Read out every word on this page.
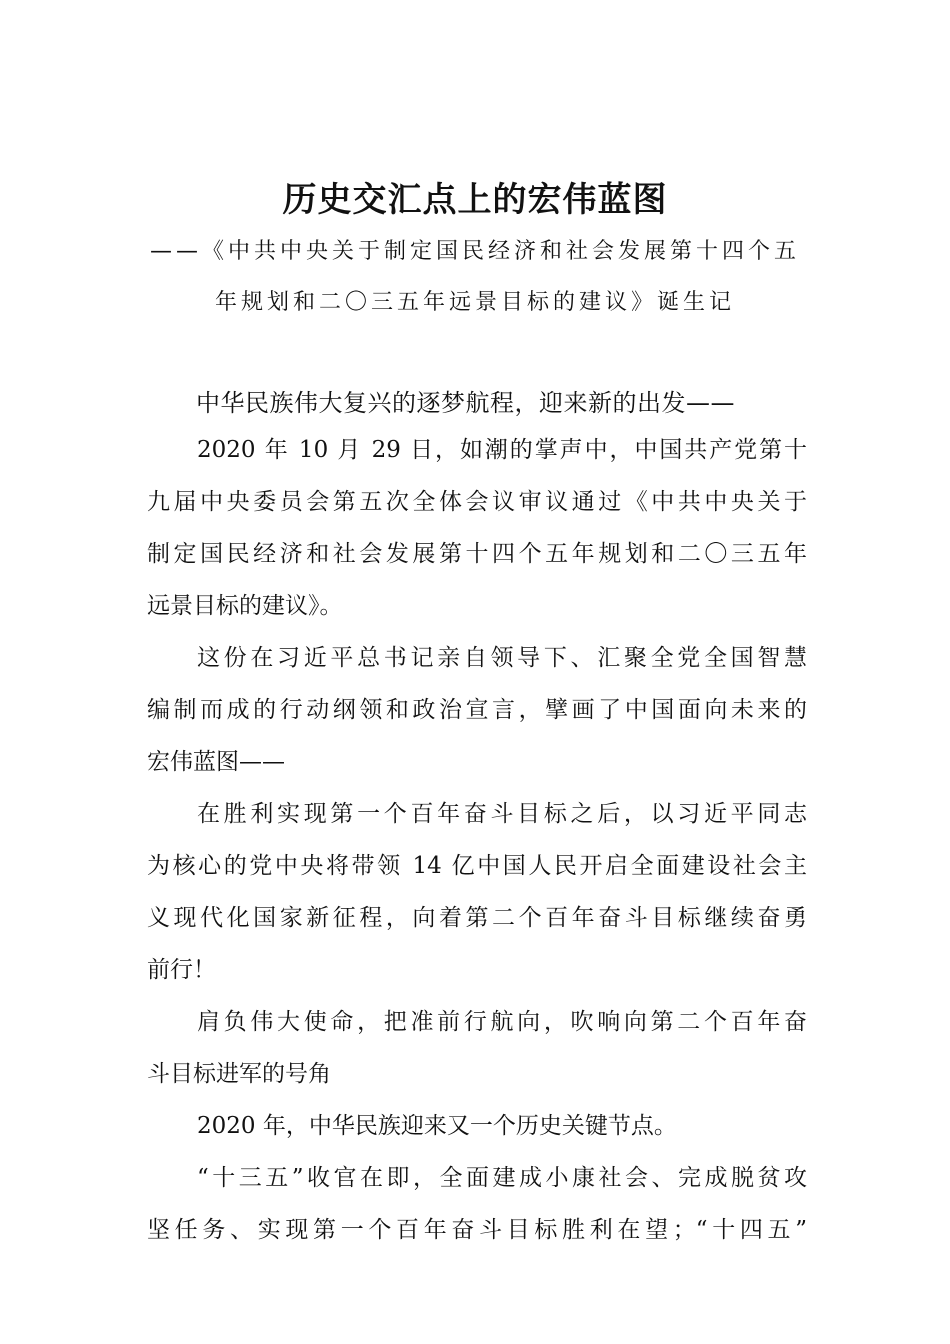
历史交汇点上的宏伟蓝图
——《中共中央关于制定国民经济和社会发展第十四个五
年规划和二〇三五年远景目标的建议》诞生记
中华民族伟大复兴的逐梦航程，迎来新的出发——
2020 年 10 月 29 日，如潮的掌声中，中国共产党第十
九届中央委员会第五次全体会议审议通过《中共中央关于
制定国民经济和社会发展第十四个五年规划和二〇三五年
远景目标的建议》。
这份在习近平总书记亲自领导下、汇聚全党全国智慧
编制而成的行动纲领和政治宣言，擘画了中国面向未来的
宏伟蓝图——
在胜利实现第一个百年奋斗目标之后，以习近平同志
为核心的党中央将带领 14 亿中国人民开启全面建设社会主
义现代化国家新征程，向着第二个百年奋斗目标继续奋勇
前行！
肩负伟大使命，把准前行航向，吹响向第二个百年奋
斗目标进军的号角
2020 年，中华民族迎来又一个历史关键节点。
“十三五”收官在即，全面建成小康社会、完成脱贫攻
坚任务、实现第一个百年奋斗目标胜利在望；“十四五”
